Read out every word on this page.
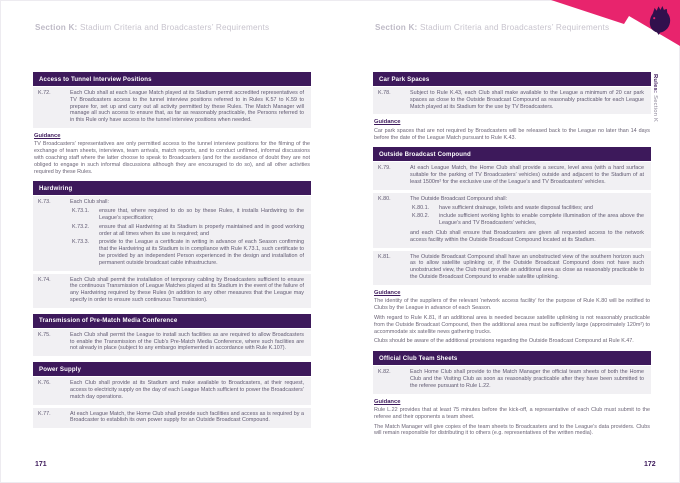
Rules: Section K
Section K: Stadium Criteria and Broadcasters’ Requirements
Access to Tunnel Interview Positions
K.72.	Each Club shall at each League Match played at its Stadium permit accredited representatives of TV Broadcasters access to the tunnel interview positions referred to in Rules K.57 to K.59 to prepare for, set up and carry out all activity permitted by these Rules. The Match Manager will manage all such access to ensure that, as far as reasonably practicable, the Persons referred to in this Rule only have access to the tunnel interview positions when needed.

Guidance

TV Broadcasters’ representatives are only permitted access to the tunnel interview positions for the filming of the exchange of team sheets, interviews, team arrivals, match reports, and to conduct unfilmed, informal discussions with coaching staff where the latter choose to speak to Broadcasters (and for the avoidance of doubt they are not obliged to engage in such informal discussions although they are encouraged to do so), and all other activities required by these Rules.

Hardwiring
K.73.	Each Club shall:

K.73.1.	ensure that, where required to do so by these Rules, it installs Hardwiring to the League’s specification;

K.73.2.	ensure that all Hardwiring at its Stadium is properly maintained and in good working order at all times when its use is required; and

K.73.3.	provide to the League a certificate in writing in advance of each Season confirming that the Hardwiring at its Stadium is in compliance with Rule K.73.1, such certificate to be provided by an independent Person experienced in the design and installation of permanent outside broadcast cable infrastructure.

K.74.	Each Club shall permit the installation of temporary cabling by Broadcasters sufficient to ensure the continuous Transmission of League Matches played at its Stadium in the event of the failure of any Hardwiring required by these Rules (in addition to any other measures that the League may specify in order to ensure such continuous Transmission).

Transmission of Pre-Match Media Conference
K.75.	Each Club shall permit the League to install such facilities as are required to allow Broadcasters to enable the Transmission of the Club’s Pre-Match Media Conference, where such facilities are not already in place (subject to any embargo implemented in accordance with Rule K.107).

Power Supply
K.76.	Each Club shall provide at its Stadium and make available to Broadcasters, at their request, access to electricity supply on the day of each League Match sufficient to power the Broadcasters’ match day operations.

K.77.	At each League Match, the Home Club shall provide such facilities and access as is required by a Broadcaster to establish its own power supply for an Outside Broadcast Compound.

Section K: Stadium Criteria and Broadcasters’ Requirements
Car Park Spaces
K.78.	Subject to Rule K.43, each Club shall make available to the League a minimum of 20 car park spaces as close to the Outside Broadcast Compound as reasonably practicable for each League Match played at its Stadium for the use by TV Broadcasters.

Guidance

Car park spaces that are not required by Broadcasters will be released back to the League no later than 14 days before the date of the League Match pursuant to Rule K.43.

Outside Broadcast Compound
K.79.	At each League Match, the Home Club shall provide a secure, level area (with a hard surface suitable for the parking of TV Broadcasters’ vehicles) outside and adjacent to the Stadium of at least 1500m² for the exclusive use of the League’s and TV Broadcasters’ vehicles.

K.80.	The Outside Broadcast Compound shall:

K.80.1.	have sufficient drainage, toilets and waste disposal facilities; and

K.80.2.	include sufficient working lights to enable complete illumination of the area above the League’s and TV Broadcasters’ vehicles,

and each Club shall ensure that Broadcasters are given all requested access to the network access facility within the Outside Broadcast Compound located at its Stadium.

K.81.	The Outside Broadcast Compound shall have an unobstructed view of the southern horizon such as to allow satellite uplinking or, if the Outside Broadcast Compound does not have such unobstructed view, the Club must provide an additional area as close as reasonably practicable to the Outside Broadcast Compound to enable satellite uplinking.

Guidance

The identity of the suppliers of the relevant ‘network access facility’ for the purpose of Rule K.80 will be notified to Clubs by the League in advance of each Season.

With regard to Rule K.81, if an additional area is needed because satellite uplinking is not reasonably practicable from the Outside Broadcast Compound, then the additional area must be sufficiently large (approximately 120m²) to accommodate six satellite news gathering trucks.

Clubs should be aware of the additional provisions regarding the Outside Broadcast Compound at Rule K.47.

Official Club Team Sheets
K.82.	Each Home Club shall provide to the Match Manager the official team sheets of both the Home Club and the Visiting Club as soon as reasonably practicable after they have been submitted to the referee pursuant to Rule L.22.

Guidance

Rule L.22 provides that at least 75 minutes before the kick-off, a representative of each Club must submit to the referee and their opponents a team sheet.

The Match Manager will give copies of the team sheets to Broadcasters and to the League’s data providers. Clubs will remain responsible for distributing it to others (e.g. representatives of the written media).

171	172
